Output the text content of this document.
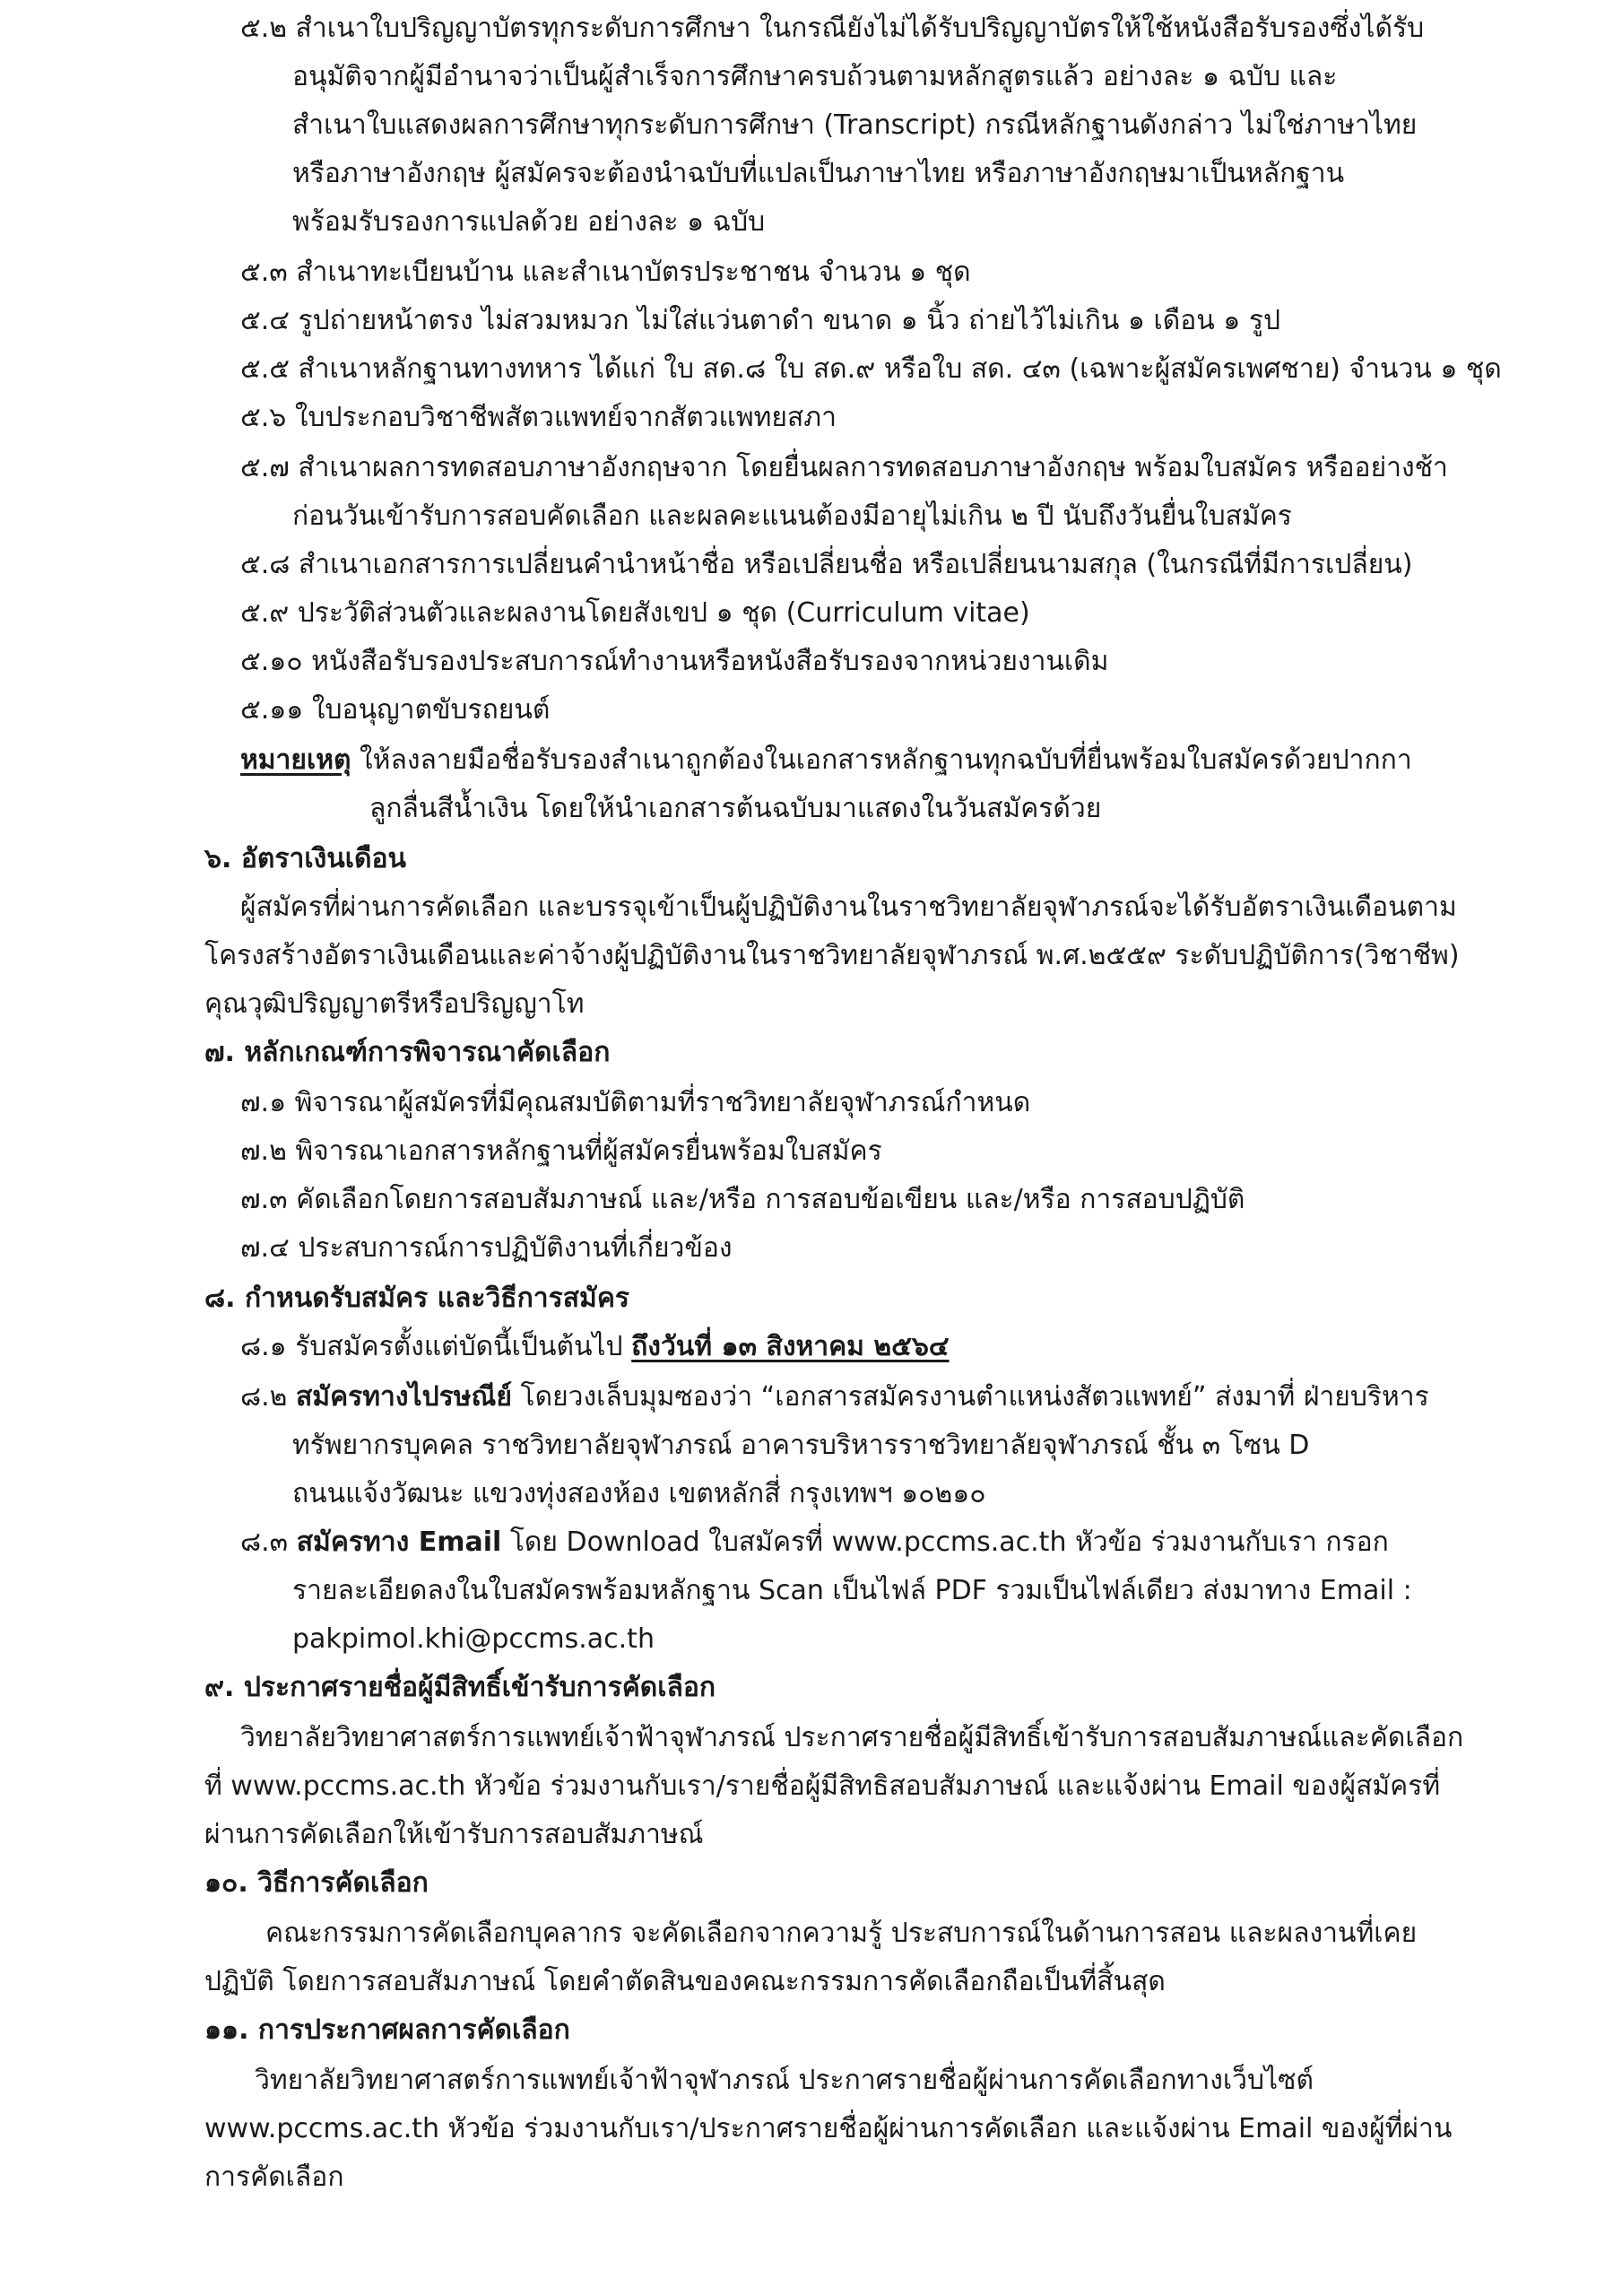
๕.๒ สำเนาใบปริญญาบัตรทุกระดับการศึกษา ในกรณียังไม่ได้รับปริญญาบัตรให้ใช้หนังสือรับรองซึ่งได้รับ
อนุมัติจากผู้มีอำนาจว่าเป็นผู้สำเร็จการศึกษาครบถ้วนตามหลักสูตรแล้ว อย่างละ ๑ ฉบับ และ
สำเนาใบแสดงผลการศึกษาทุกระดับการศึกษา (Transcript) กรณีหลักฐานดังกล่าว ไม่ใช่ภาษาไทย
หรือภาษาอังกฤษ ผู้สมัครจะต้องนำฉบับที่แปลเป็นภาษาไทย หรือภาษาอังกฤษมาเป็นหลักฐาน
พร้อมรับรองการแปลด้วย อย่างละ ๑ ฉบับ
๕.๓ สำเนาทะเบียนบ้าน และสำเนาบัตรประชาชน จำนวน ๑ ชุด
๕.๔ รูปถ่ายหน้าตรง ไม่สวมหมวก ไม่ใส่แว่นตาดำ ขนาด ๑ นิ้ว ถ่ายไว้ไม่เกิน ๑ เดือน ๑ รูป
๕.๕ สำเนาหลักฐานทางทหาร ได้แก่ ใบ สด.๘ ใบ สด.๙ หรือใบ สด. ๔๓ (เฉพาะผู้สมัครเพศชาย) จำนวน ๑ ชุด
๕.๖ ใบประกอบวิชาชีพสัตวแพทย์จากสัตวแพทยสภา
๕.๗ สำเนาผลการทดสอบภาษาอังกฤษจาก โดยยื่นผลการทดสอบภาษาอังกฤษ พร้อมใบสมัคร หรืออย่างช้า
ก่อนวันเข้ารับการสอบคัดเลือก และผลคะแนนต้องมีอายุไม่เกิน ๒ ปี นับถึงวันยื่นใบสมัคร
๕.๘ สำเนาเอกสารการเปลี่ยนคำนำหน้าชื่อ หรือเปลี่ยนชื่อ หรือเปลี่ยนนามสกุล (ในกรณีที่มีการเปลี่ยน)
๕.๙ ประวัติส่วนตัวและผลงานโดยสังเขป ๑ ชุด (Curriculum vitae)
๕.๑๐ หนังสือรับรองประสบการณ์ทำงานหรือหนังสือรับรองจากหน่วยงานเดิม
๕.๑๑ ใบอนุญาตขับรถยนต์
หมายเหตุ ให้ลงลายมือชื่อรับรองสำเนาถูกต้องในเอกสารหลักฐานทุกฉบับที่ยื่นพร้อมใบสมัครด้วยปากกา
ลูกลื่นสีน้ำเงิน โดยให้นำเอกสารต้นฉบับมาแสดงในวันสมัครด้วย
๖. อัตราเงินเดือน
ผู้สมัครที่ผ่านการคัดเลือก และบรรจุเข้าเป็นผู้ปฏิบัติงานในราชวิทยาลัยจุฬาภรณ์จะได้รับอัตราเงินเดือนตาม
โครงสร้างอัตราเงินเดือนและค่าจ้างผู้ปฏิบัติงานในราชวิทยาลัยจุฬาภรณ์ พ.ศ.๒๕๕๙ ระดับปฏิบัติการ(วิชาชีพ)
คุณวุฒิปริญญาตรีหรือปริญญาโท
๗. หลักเกณฑ์การพิจารณาคัดเลือก
๗.๑ พิจารณาผู้สมัครที่มีคุณสมบัติตามที่ราชวิทยาลัยจุฬาภรณ์กำหนด
๗.๒ พิจารณาเอกสารหลักฐานที่ผู้สมัครยื่นพร้อมใบสมัคร
๗.๓ คัดเลือกโดยการสอบสัมภาษณ์ และ/หรือ การสอบข้อเขียน และ/หรือ การสอบปฏิบัติ
๗.๔ ประสบการณ์การปฏิบัติงานที่เกี่ยวข้อง
๘. กำหนดรับสมัคร และวิธีการสมัคร
๘.๑ รับสมัครตั้งแต่บัดนี้เป็นต้นไป ถึงวันที่ ๑๓ สิงหาคม ๒๕๖๔
๘.๒ สมัครทางไปรษณีย์ โดยวงเล็บมุมซองว่า “เอกสารสมัครงานตำแหน่งสัตวแพทย์” ส่งมาที่ ฝ่ายบริหาร
ทรัพยากรบุคคล ราชวิทยาลัยจุฬาภรณ์ อาคารบริหารราชวิทยาลัยจุฬาภรณ์ ชั้น ๓ โซน D
ถนนแจ้งวัฒนะ แขวงทุ่งสองห้อง เขตหลักสี่ กรุงเทพฯ ๑๐๒๑๐
๘.๓ สมัครทาง Email โดย Download ใบสมัครที่ www.pccms.ac.th หัวข้อ ร่วมงานกับเรา กรอก
รายละเอียดลงในใบสมัครพร้อมหลักฐาน Scan เป็นไฟล์ PDF รวมเป็นไฟล์เดียว ส่งมาทาง Email :
pakpimol.khi@pccms.ac.th
๙. ประกาศรายชื่อผู้มีสิทธิ์เข้ารับการคัดเลือก
วิทยาลัยวิทยาศาสตร์การแพทย์เจ้าฟ้าจุฬาภรณ์ ประกาศรายชื่อผู้มีสิทธิ์เข้ารับการสอบสัมภาษณ์และคัดเลือก
ที่ www.pccms.ac.th หัวข้อ ร่วมงานกับเรา/รายชื่อผู้มีสิทธิสอบสัมภาษณ์ และแจ้งผ่าน Email ของผู้สมัครที่
ผ่านการคัดเลือกให้เข้ารับการสอบสัมภาษณ์
๑๐. วิธีการคัดเลือก
คณะกรรมการคัดเลือกบุคลากร จะคัดเลือกจากความรู้ ประสบการณ์ในด้านการสอน และผลงานที่เคย
ปฏิบัติ โดยการสอบสัมภาษณ์ โดยคำตัดสินของคณะกรรมการคัดเลือกถือเป็นที่สิ้นสุด
๑๑. การประกาศผลการคัดเลือก
วิทยาลัยวิทยาศาสตร์การแพทย์เจ้าฟ้าจุฬาภรณ์ ประกาศรายชื่อผู้ผ่านการคัดเลือกทางเว็บไซต์
www.pccms.ac.th หัวข้อ ร่วมงานกับเรา/ประกาศรายชื่อผู้ผ่านการคัดเลือก และแจ้งผ่าน Email ของผู้ที่ผ่าน
การคัดเลือก
